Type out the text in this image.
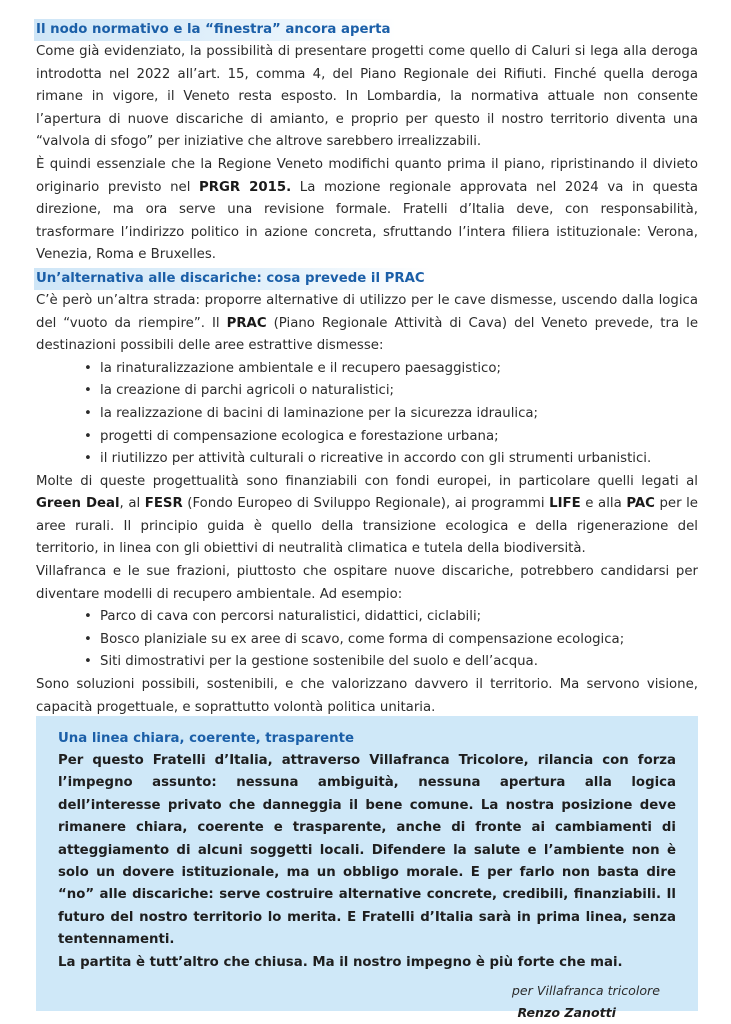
Il nodo normativo e la “finestra” ancora aperta

Come già evidenziato, la possibilità di presentare progetti come quello di Caluri si lega alla deroga introdotta nel 2022 all’art. 15, comma 4, del Piano Regionale dei Rifiuti. Finché quella deroga rimane in vigore, il Veneto resta esposto. In Lombardia, la normativa attuale non consente l’apertura di nuove discariche di amianto, e proprio per questo il nostro territorio diventa una “valvola di sfogo” per iniziative che altrove sarebbero irrealizzabili.

È quindi essenziale che la Regione Veneto modifichi quanto prima il piano, ripristinando il divieto originario previsto nel PRGR 2015. La mozione regionale approvata nel 2024 va in questa direzione, ma ora serve una revisione formale. Fratelli d’Italia deve, con responsabilità, trasformare l’indirizzo politico in azione concreta, sfruttando l’intera filiera istituzionale: Verona, Venezia, Roma e Bruxelles.

Un’alternativa alle discariche: cosa prevede il PRAC

C’è però un’altra strada: proporre alternative di utilizzo per le cave dismesse, uscendo dalla logica del “vuoto da riempire”. Il PRAC (Piano Regionale Attività di Cava) del Veneto prevede, tra le destinazioni possibili delle aree estrattive dismesse:

• la rinaturalizzazione ambientale e il recupero paesaggistico;
• la creazione di parchi agricoli o naturalistici;
• la realizzazione di bacini di laminazione per la sicurezza idraulica;
• progetti di compensazione ecologica e forestazione urbana;
• il riutilizzo per attività culturali o ricreative in accordo con gli strumenti urbanistici.

Molte di queste progettualità sono finanziabili con fondi europei, in particolare quelli legati al Green Deal, al FESR (Fondo Europeo di Sviluppo Regionale), ai programmi LIFE e alla PAC per le aree rurali. Il principio guida è quello della transizione ecologica e della rigenerazione del territorio, in linea con gli obiettivi di neutralità climatica e tutela della biodiversità.

Villafranca e le sue frazioni, piuttosto che ospitare nuove discariche, potrebbero candidarsi per diventare modelli di recupero ambientale. Ad esempio:

• Parco di cava con percorsi naturalistici, didattici, ciclabili;
• Bosco planiziale su ex aree di scavo, come forma di compensazione ecologica;
• Siti dimostrativi per la gestione sostenibile del suolo e dell’acqua.

Sono soluzioni possibili, sostenibili, e che valorizzano davvero il territorio. Ma servono visione, capacità progettuale, e soprattutto volontà politica unitaria.

Una linea chiara, coerente, trasparente

Per questo Fratelli d’Italia, attraverso Villafranca Tricolore, rilancia con forza l’impegno assunto: nessuna ambiguità, nessuna apertura alla logica dell’interesse privato che danneggia il bene comune. La nostra posizione deve rimanere chiara, coerente e trasparente, anche di fronte ai cambiamenti di atteggiamento di alcuni soggetti locali. Difendere la salute e l’ambiente non è solo un dovere istituzionale, ma un obbligo morale. E per farlo non basta dire “no” alle discariche: serve costruire alternative concrete, credibili, finanziabili. Il futuro del nostro territorio lo merita. E Fratelli d’Italia sarà in prima linea, senza tentennamenti.

La partita è tutt’altro che chiusa. Ma il nostro impegno è più forte che mai.

per Villafranca tricolore
Renzo Zanotti
